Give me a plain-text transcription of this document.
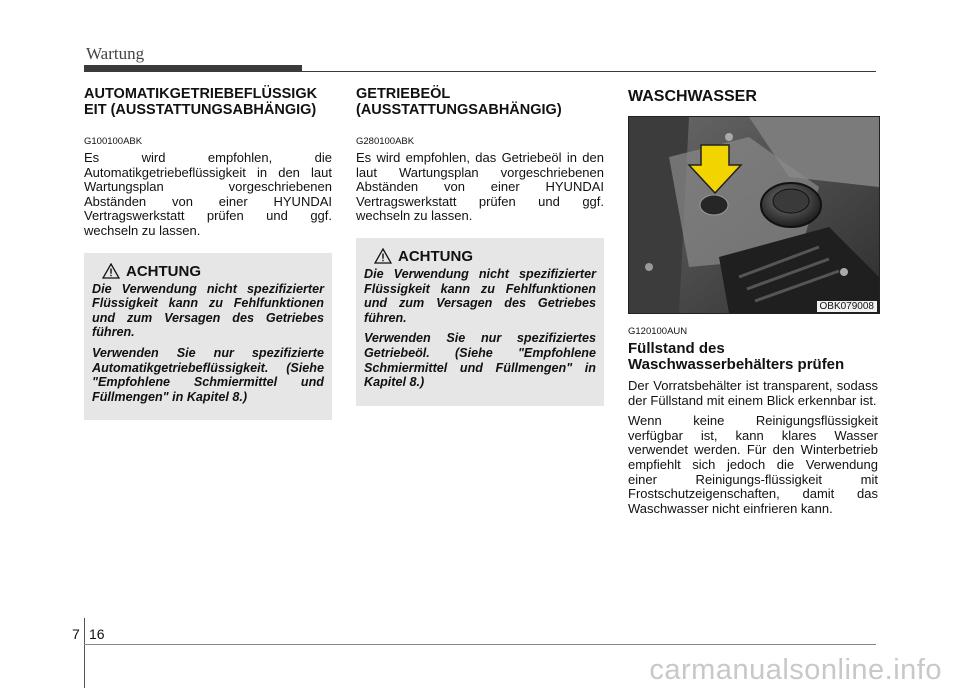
Wartung
AUTOMATIKGETRIEBEFLÜSSIGK
EIT (AUSSTATTUNGSABHÄNGIG)
G100100ABK

Es wird empfohlen, die Automatikgetriebeflüssigkeit in den laut Wartungsplan vorgeschriebenen Abständen von einer HYUNDAI Vertragswerkstatt prüfen und ggf. wechseln zu lassen.

ACHTUNG

Die Verwendung nicht spezifizierter Flüssigkeit kann zu Fehlfunktionen und zum Versagen des Getriebes führen.

Verwenden Sie nur spezifizierte Automatikgetriebeflüssigkeit. (Siehe "Empfohlene Schmiermittel und Füllmengen" in Kapitel 8.)

GETRIEBEÖL
(AUSSTATTUNGSABHÄNGIG)
G280100ABK

Es wird empfohlen, das Getriebeöl in den laut Wartungsplan vorgeschriebenen Abständen von einer HYUNDAI Vertragswerkstatt prüfen und ggf. wechseln zu lassen.

ACHTUNG

Die Verwendung nicht spezifizierter Flüssigkeit kann zu Fehlfunktionen und zum Versagen des Getriebes führen.

Verwenden Sie nur spezifiziertes Getriebeöl. (Siehe "Empfohlene Schmiermittel und Füllmengen" in Kapitel 8.)

WASCHWASSER
OBK079008
G120100AUN
Füllstand des
Waschwasserbehälters prüfen

Der Vorratsbehälter ist transparent, sodass der Füllstand mit einem Blick erkennbar ist.

Wenn keine Reinigungsflüssigkeit verfügbar ist, kann klares Wasser verwendet werden. Für den Winterbetrieb empfiehlt sich jedoch die Verwendung einer Reinigungs-flüssigkeit mit Frostschutzeigenschaften, damit das Waschwasser nicht einfrieren kann.

7 16
carmanualsonline.info
